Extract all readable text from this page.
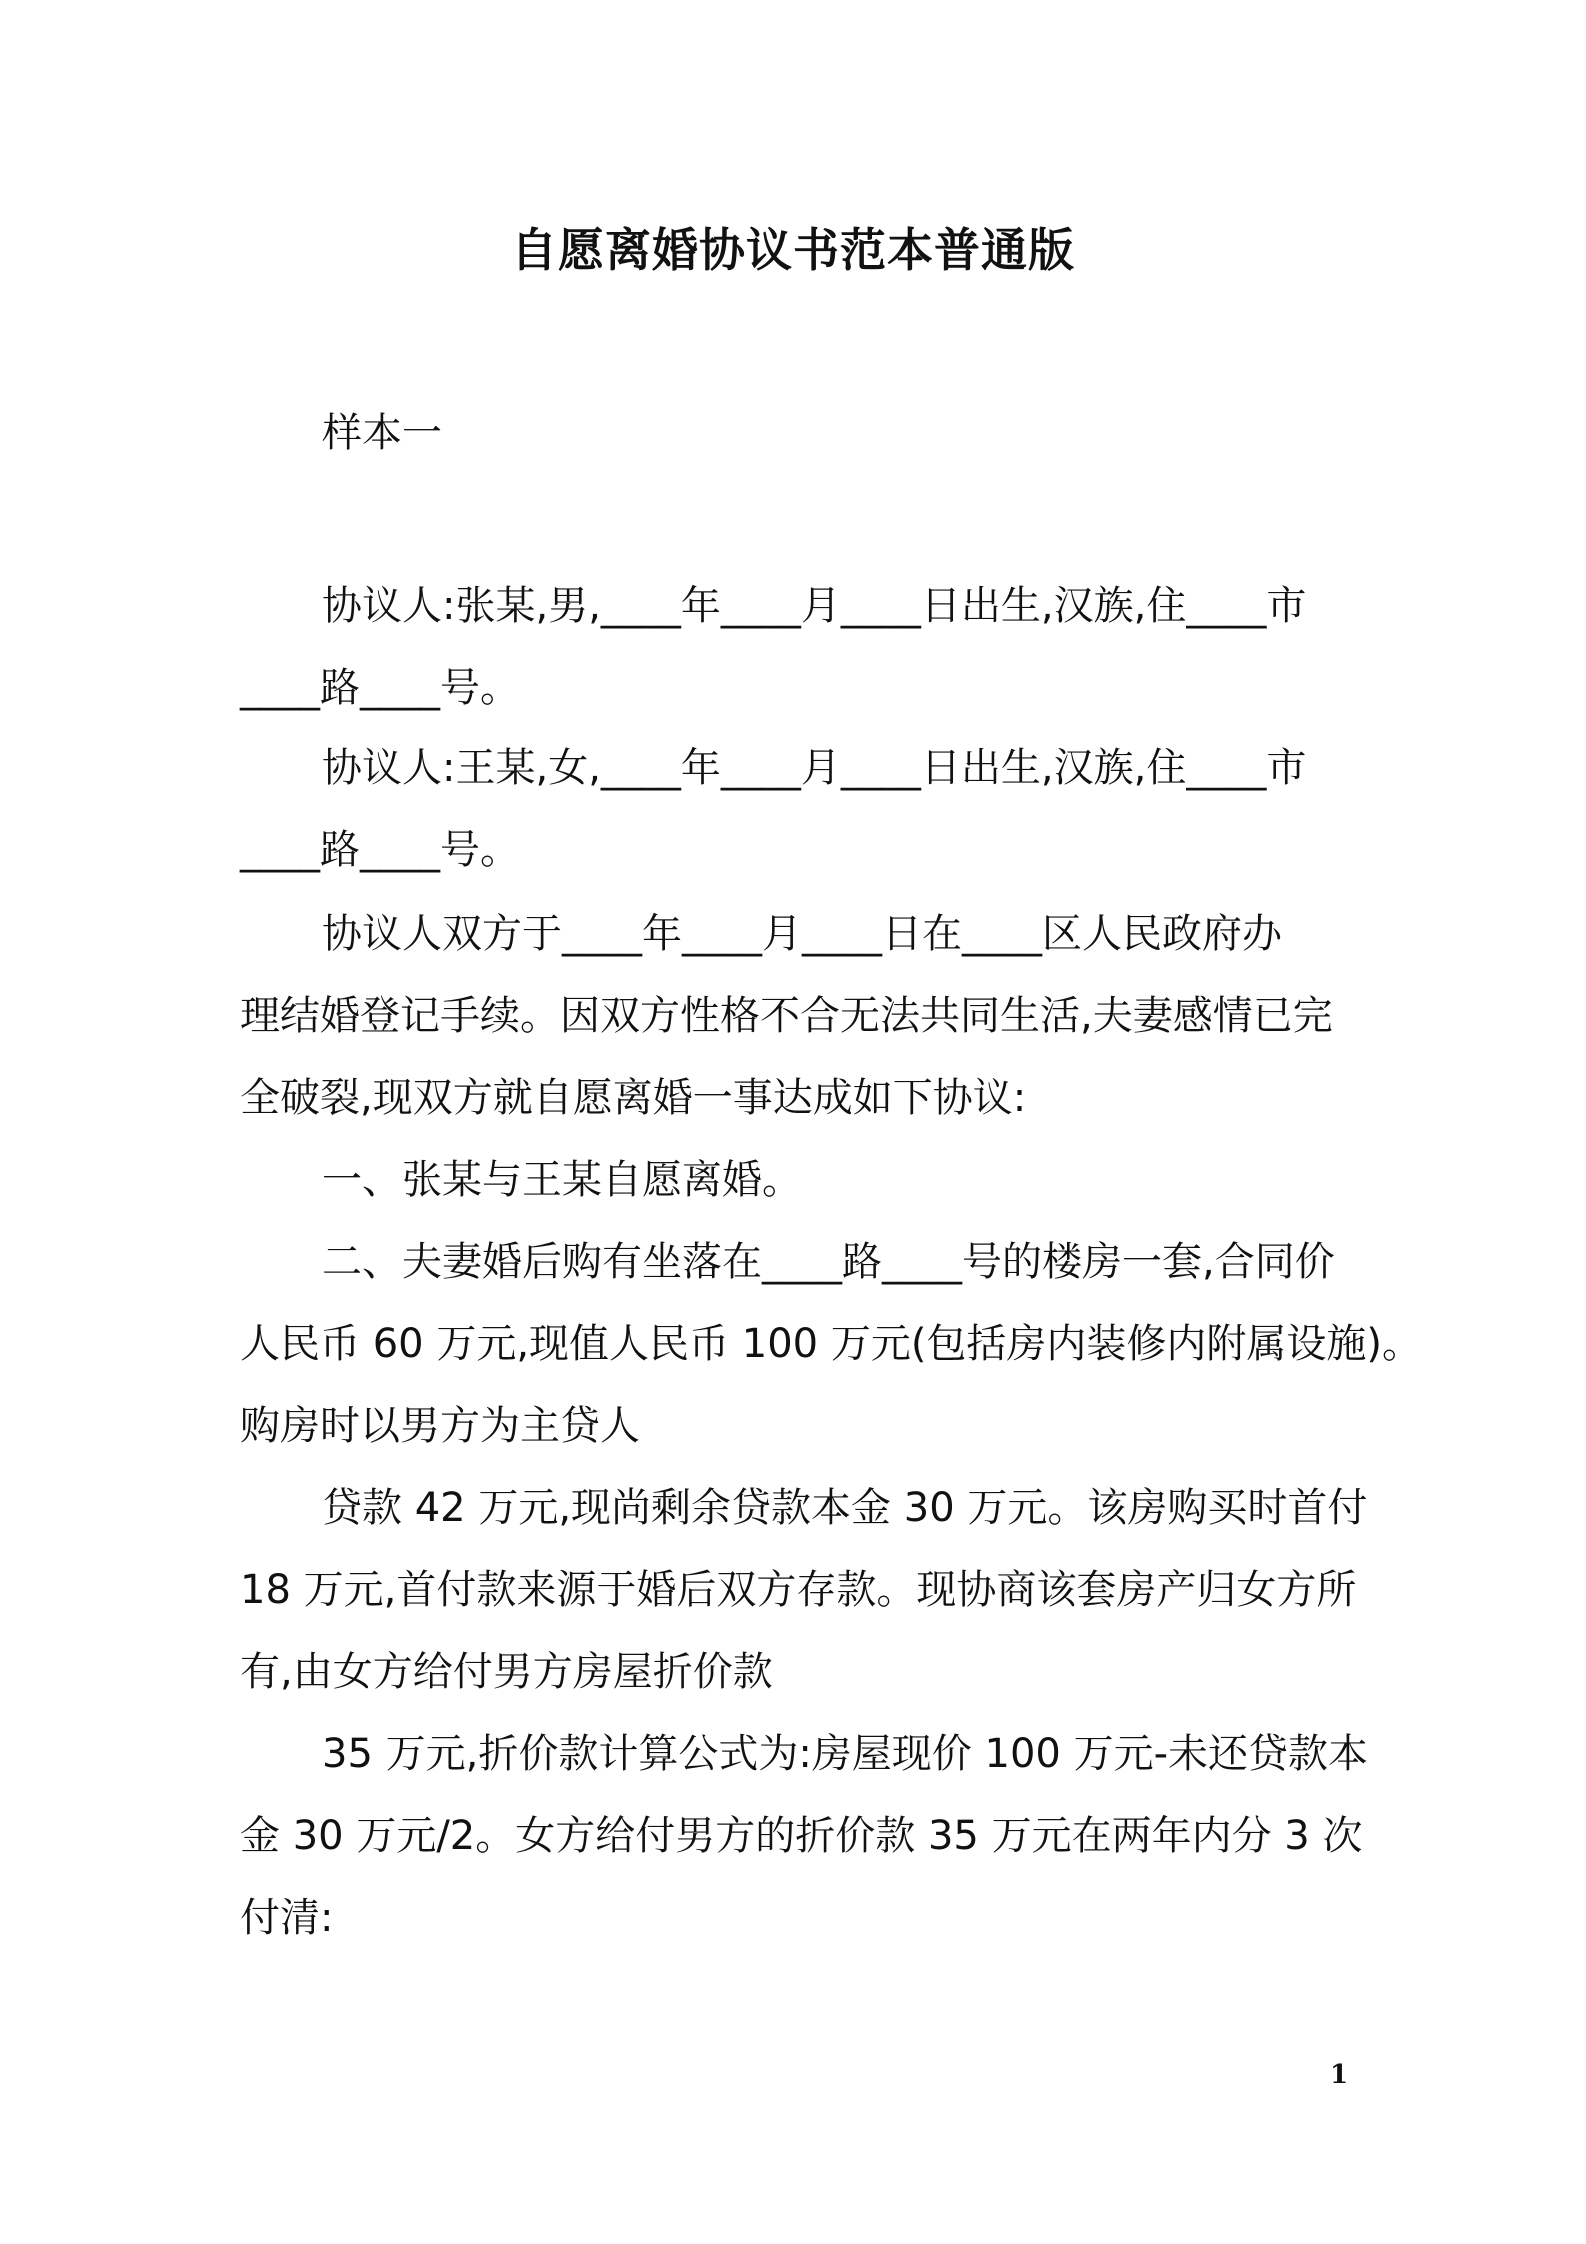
自愿离婚协议书范本普通版
样本一
协议人:张某,男,____年____月____日出生,汉族,住____市
____路____号。
协议人:王某,女,____年____月____日出生,汉族,住____市
____路____号。
协议人双方于____年____月____日在____区人民政府办
理结婚登记手续。因双方性格不合无法共同生活,夫妻感情已完
全破裂,现双方就自愿离婚一事达成如下协议:
一、张某与王某自愿离婚。
二、夫妻婚后购有坐落在____路____号的楼房一套,合同价
人民币 60 万元,现值人民币 100 万元(包括房内装修内附属设施)。
购房时以男方为主贷人
贷款 42 万元,现尚剩余贷款本金 30 万元。该房购买时首付
18 万元,首付款来源于婚后双方存款。现协商该套房产归女方所
有,由女方给付男方房屋折价款
35 万元,折价款计算公式为:房屋现价 100 万元-未还贷款本
金 30 万元/2。女方给付男方的折价款 35 万元在两年内分 3 次
付清:
1
